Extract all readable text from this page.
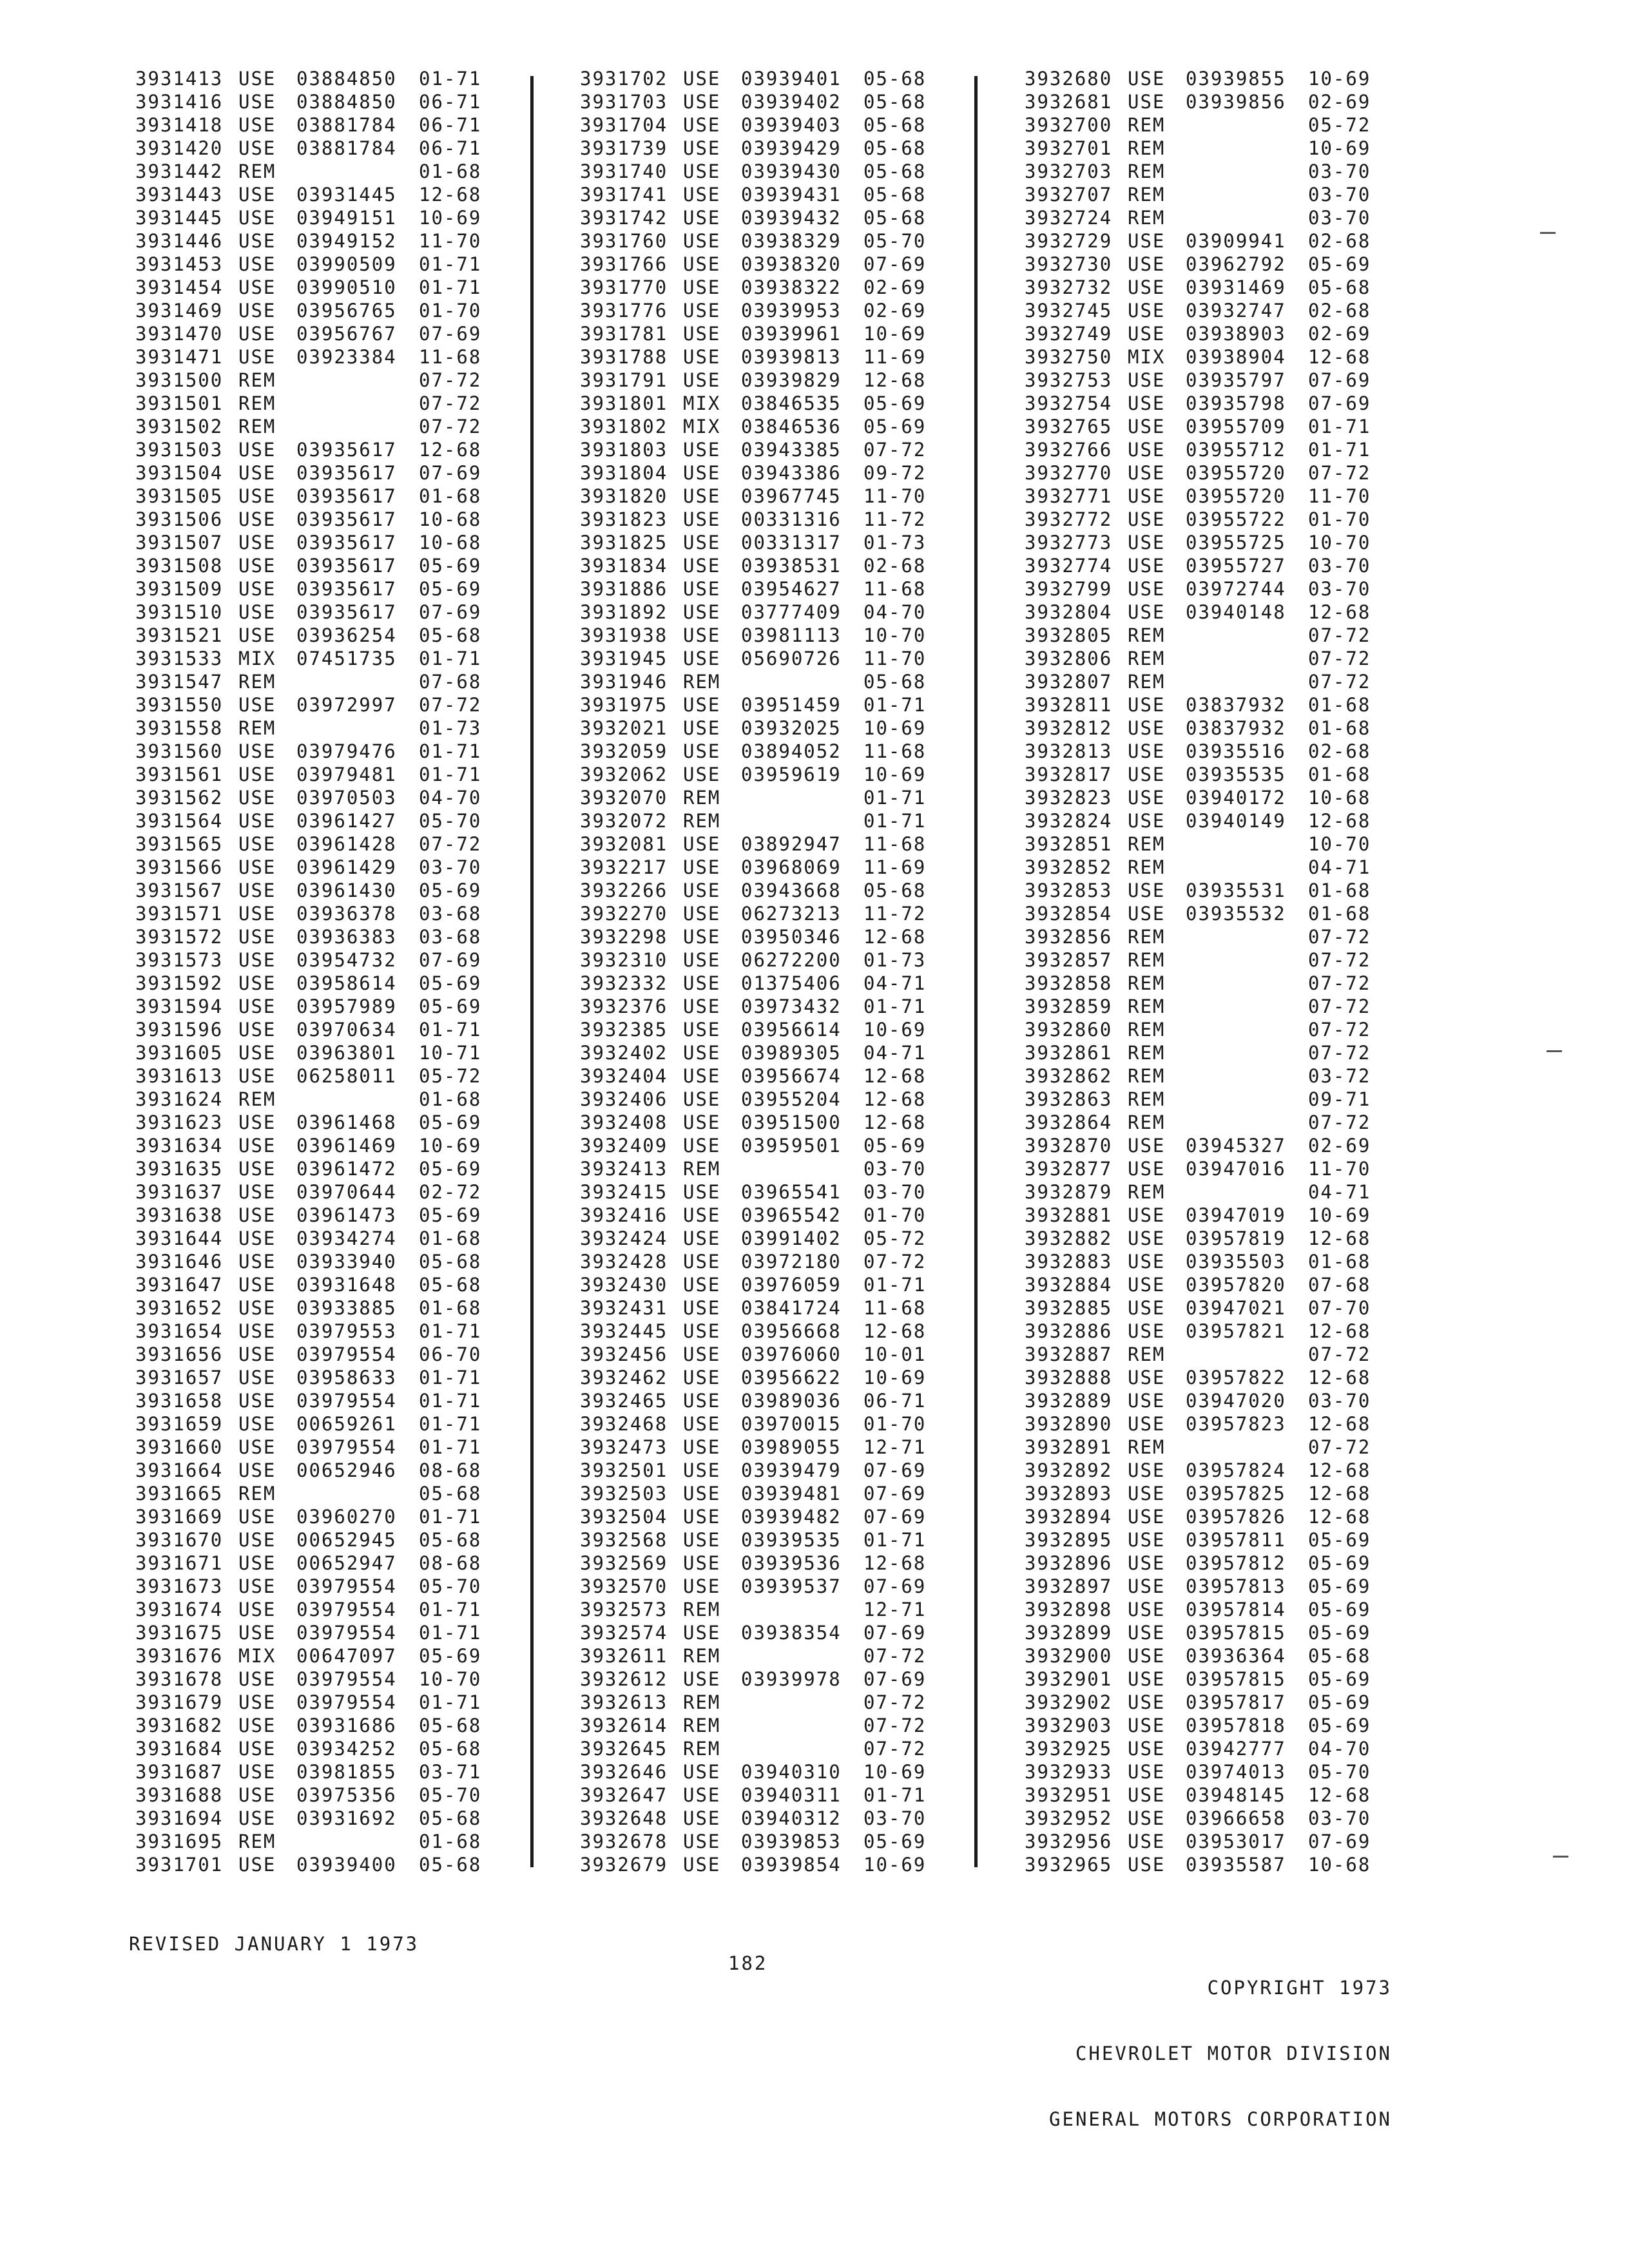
3931413 USE 03884850 01-71
3931416 USE 03884850 06-71
3931418 USE 03881784 06-71
3931420 USE 03881784 06-71
3931442 REM	01-68
3931443 USE 03931445 12-68
3931445 USE 03949151 10-69
3931446 USE 03949152 11-70
3931453 USE 03990509 01-71
3931454 USE 03990510 01-71
3931469 USE 03956765 01-70
3931470 USE 03956767 07-69
3931471 USE 03923384 11-68
3931500 REM	07-72
3931501 REM	07-72
3931502 REM	07-72
3931503 USE 03935617 12-68
3931504 USE 03935617 07-69
3931505 USE 03935617 01-68
3931506 USE 03935617 10-68
3931507 USE 03935617 10-68
3931508 USE 03935617 05-69
3931509 USE 03935617 05-69
3931510 USE 03935617 07-69
3931521 USE 03936254 05-68
3931533 MIX 07451735 01-71
3931547 REM	07-68
3931550 USE 03972997 07-72
3931558 REM	01-73
3931560 USE 03979476 01-71
3931561 USE 03979481 01-71
3931562 USE 03970503 04-70
3931564 USE 03961427 05-70
3931565 USE 03961428 07-72
3931566 USE 03961429 03-70
3931567 USE 03961430 05-69
3931571 USE 03936378 03-68
3931572 USE 03936383 03-68
3931573 USE 03954732 07-69
3931592 USE 03958614 05-69
3931594 USE 03957989 05-69
3931596 USE 03970634 01-71
3931605 USE 03963801 10-71
3931613 USE 06258011 05-72
3931624 REM	01-68
3931623 USE 03961468 05-69
3931634 USE 03961469 10-69
3931635 USE 03961472 05-69
3931637 USE 03970644 02-72
3931638 USE 03961473 05-69
3931644 USE 03934274 01-68
3931646 USE 03933940 05-68
3931647 USE 03931648 05-68
3931652 USE 03933885 01-68
3931654 USE 03979553 01-71
3931656 USE 03979554 06-70
3931657 USE 03958633 01-71
3931658 USE 03979554 01-71
3931659 USE 00659261 01-71
3931660 USE 03979554 01-71
3931664 USE 00652946 08-68
3931665 REM	05-68
3931669 USE 03960270 01-71
3931670 USE 00652945 05-68
3931671 USE 00652947 08-68
3931673 USE 03979554 05-70
3931674 USE 03979554 01-71
3931675 USE 03979554 01-71
3931676 MIX 00647097 05-69
3931678 USE 03979554 10-70
3931679 USE 03979554 01-71
3931682 USE 03931686 05-68
3931684 USE 03934252 05-68
3931687 USE 03981855 03-71
3931688 USE 03975356 05-70
3931694 USE 03931692 05-68
3931695 REM	01-68
3931701 USE 03939400 05-68
3931702 USE 03939401 05-68
3931703 USE 03939402 05-68
3931704 USE 03939403 05-68
3931739 USE 03939429 05-68
3931740 USE 03939430 05-68
3931741 USE 03939431 05-68
3931742 USE 03939432 05-68
3931760 USE 03938329 05-70
3931766 USE 03938320 07-69
3931770 USE 03938322 02-69
3931776 USE 03939953 02-69
3931781 USE 03939961 10-69
3931788 USE 03939813 11-69
3931791 USE 03939829 12-68
3931801 MIX 03846535 05-69
3931802 MIX 03846536 05-69
3931803 USE 03943385 07-72
3931804 USE 03943386 09-72
3931820 USE 03967745 11-70
3931823 USE 00331316 11-72
3931825 USE 00331317 01-73
3931834 USE 03938531 02-68
3931886 USE 03954627 11-68
3931892 USE 03777409 04-70
3931938 USE 03981113 10-70
3931945 USE 05690726 11-70
3931946 REM	05-68
3931975 USE 03951459 01-71
3932021 USE 03932025 10-69
3932059 USE 03894052 11-68
3932062 USE 03959619 10-69
3932070 REM	01-71
3932072 REM	01-71
3932081 USE 03892947 11-68
3932217 USE 03968069 11-69
3932266 USE 03943668 05-68
3932270 USE 06273213 11-72
3932298 USE 03950346 12-68
3932310 USE 06272200 01-73
3932332 USE 01375406 04-71
3932376 USE 03973432 01-71
3932385 USE 03956614 10-69
3932402 USE 03989305 04-71
3932404 USE 03956674 12-68
3932406 USE 03955204 12-68
3932408 USE 03951500 12-68
3932409 USE 03959501 05-69
3932413 REM	03-70
3932415 USE 03965541 03-70
3932416 USE 03965542 01-70
3932424 USE 03991402 05-72
3932428 USE 03972180 07-72
3932430 USE 03976059 01-71
3932431 USE 03841724 11-68
3932445 USE 03956668 12-68
3932456 USE 03976060 10-01
3932462 USE 03956622 10-69
3932465 USE 03989036 06-71
3932468 USE 03970015 01-70
3932473 USE 03989055 12-71
3932501 USE 03939479 07-69
3932503 USE 03939481 07-69
3932504 USE 03939482 07-69
3932568 USE 03939535 01-71
3932569 USE 03939536 12-68
3932570 USE 03939537 07-69
3932573 REM	12-71
3932574 USE 03938354 07-69
3932611 REM	07-72
3932612 USE 03939978 07-69
3932613 REM	07-72
3932614 REM	07-72
3932645 REM	07-72
3932646 USE 03940310 10-69
3932647 USE 03940311 01-71
3932648 USE 03940312 03-70
3932678 USE 03939853 05-69
3932679 USE 03939854 10-69
3932680 USE 03939855 10-69
3932681 USE 03939856 02-69
3932700 REM	05-72
3932701 REM	10-69
3932703 REM	03-70
3932707 REM	03-70
3932724 REM	03-70
3932729 USE 03909941 02-68
3932730 USE 03962792 05-69
3932732 USE 03931469 05-68
3932745 USE 03932747 02-68
3932749 USE 03938903 02-69
3932750 MIX 03938904 12-68
3932753 USE 03935797 07-69
3932754 USE 03935798 07-69
3932765 USE 03955709 01-71
3932766 USE 03955712 01-71
3932770 USE 03955720 07-72
3932771 USE 03955720 11-70
3932772 USE 03955722 01-70
3932773 USE 03955725 10-70
3932774 USE 03955727 03-70
3932799 USE 03972744 03-70
3932804 USE 03940148 12-68
3932805 REM	07-72
3932806 REM	07-72
3932807 REM	07-72
3932811 USE 03837932 01-68
3932812 USE 03837932 01-68
3932813 USE 03935516 02-68
3932817 USE 03935535 01-68
3932823 USE 03940172 10-68
3932824 USE 03940149 12-68
3932851 REM	10-70
3932852 REM	04-71
3932853 USE 03935531 01-68
3932854 USE 03935532 01-68
3932856 REM	07-72
3932857 REM	07-72
3932858 REM	07-72
3932859 REM	07-72
3932860 REM	07-72
3932861 REM	07-72
3932862 REM	03-72
3932863 REM	09-71
3932864 REM	07-72
3932870 USE 03945327 02-69
3932877 USE 03947016 11-70
3932879 REM	04-71
3932881 USE 03947019 10-69
3932882 USE 03957819 12-68
3932883 USE 03935503 01-68
3932884 USE 03957820 07-68
3932885 USE 03947021 07-70
3932886 USE 03957821 12-68
3932887 REM	07-72
3932888 USE 03957822 12-68
3932889 USE 03947020 03-70
3932890 USE 03957823 12-68
3932891 REM	07-72
3932892 USE 03957824 12-68
3932893 USE 03957825 12-68
3932894 USE 03957826 12-68
3932895 USE 03957811 05-69
3932896 USE 03957812 05-69
3932897 USE 03957813 05-69
3932898 USE 03957814 05-69
3932899 USE 03957815 05-69
3932900 USE 03936364 05-68
3932901 USE 03957815 05-69
3932902 USE 03957817 05-69
3932903 USE 03957818 05-69
3932925 USE 03942777 04-70
3932933 USE 03974013 05-70
3932951 USE 03948145 12-68
3932952 USE 03966658 03-70
3932956 USE 03953017 07-69
3932965 USE 03935587 10-68
REVISED JANUARY 1 1973
182

COPYRIGHT 1973

CHEVROLET MOTOR DIVISION

GENERAL MOTORS CORPORATION
